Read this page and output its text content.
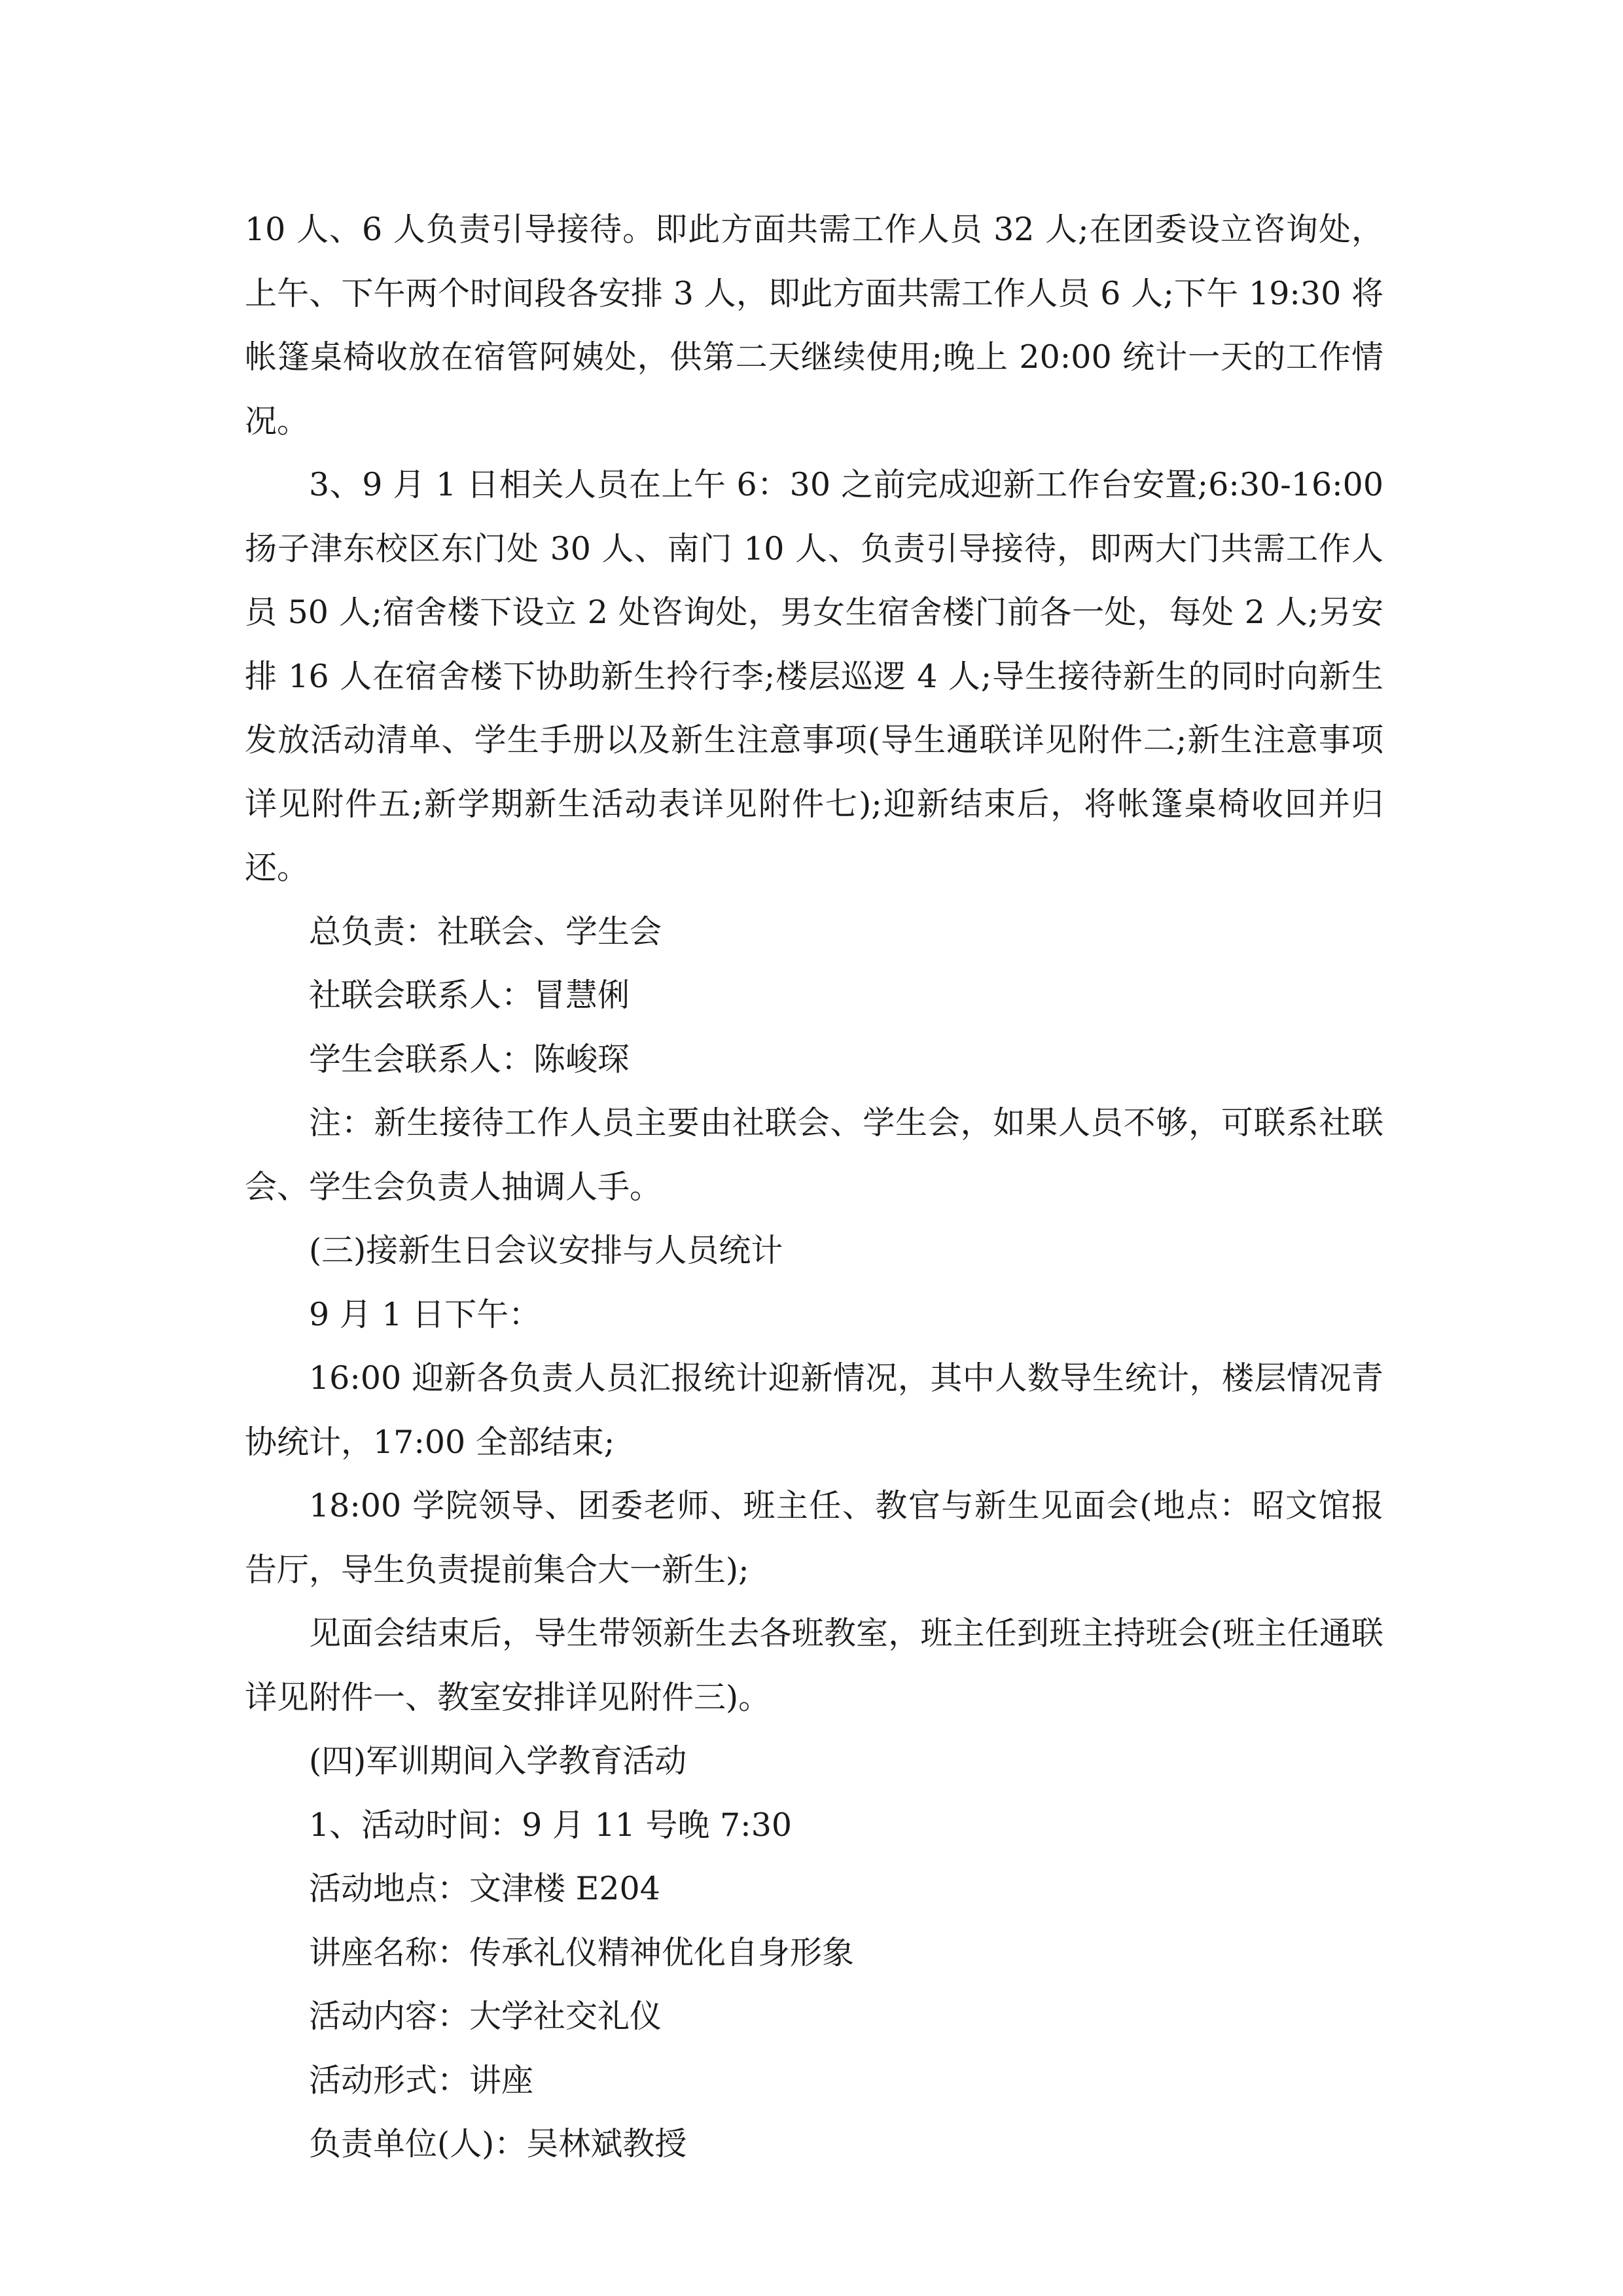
10 人、6 人负责引导接待。即此方面共需工作人员 32 人;在团委设立咨询处，上午、下午两个时间段各安排 3 人，即此方面共需工作人员 6 人;下午 19:30 将帐篷桌椅收放在宿管阿姨处，供第二天继续使用;晚上 20:00 统计一天的工作情况。

3、9 月 1 日相关人员在上午 6：30 之前完成迎新工作台安置;6:30-16:00 扬子津东校区东门处 30 人、南门 10 人、负责引导接待，即两大门共需工作人员 50 人;宿舍楼下设立 2 处咨询处，男女生宿舍楼门前各一处，每处 2 人;另安排 16 人在宿舍楼下协助新生拎行李;楼层巡逻 4 人;导生接待新生的同时向新生发放活动清单、学生手册以及新生注意事项(导生通联详见附件二;新生注意事项详见附件五;新学期新生活动表详见附件七);迎新结束后，将帐篷桌椅收回并归还。

总负责：社联会、学生会

社联会联系人：冒慧俐

学生会联系人：陈峻琛

注：新生接待工作人员主要由社联会、学生会，如果人员不够，可联系社联会、学生会负责人抽调人手。

(三)接新生日会议安排与人员统计

9 月 1 日下午：

16:00 迎新各负责人员汇报统计迎新情况，其中人数导生统计，楼层情况青协统计，17:00 全部结束;

18:00 学院领导、团委老师、班主任、教官与新生见面会(地点：昭文馆报告厅，导生负责提前集合大一新生);

见面会结束后，导生带领新生去各班教室，班主任到班主持班会(班主任通联详见附件一、教室安排详见附件三)。

(四)军训期间入学教育活动

1、活动时间：9 月 11 号晚 7:30

活动地点：文津楼 E204

讲座名称：传承礼仪精神优化自身形象

活动内容：大学社交礼仪

活动形式：讲座

负责单位(人)：吴林斌教授
